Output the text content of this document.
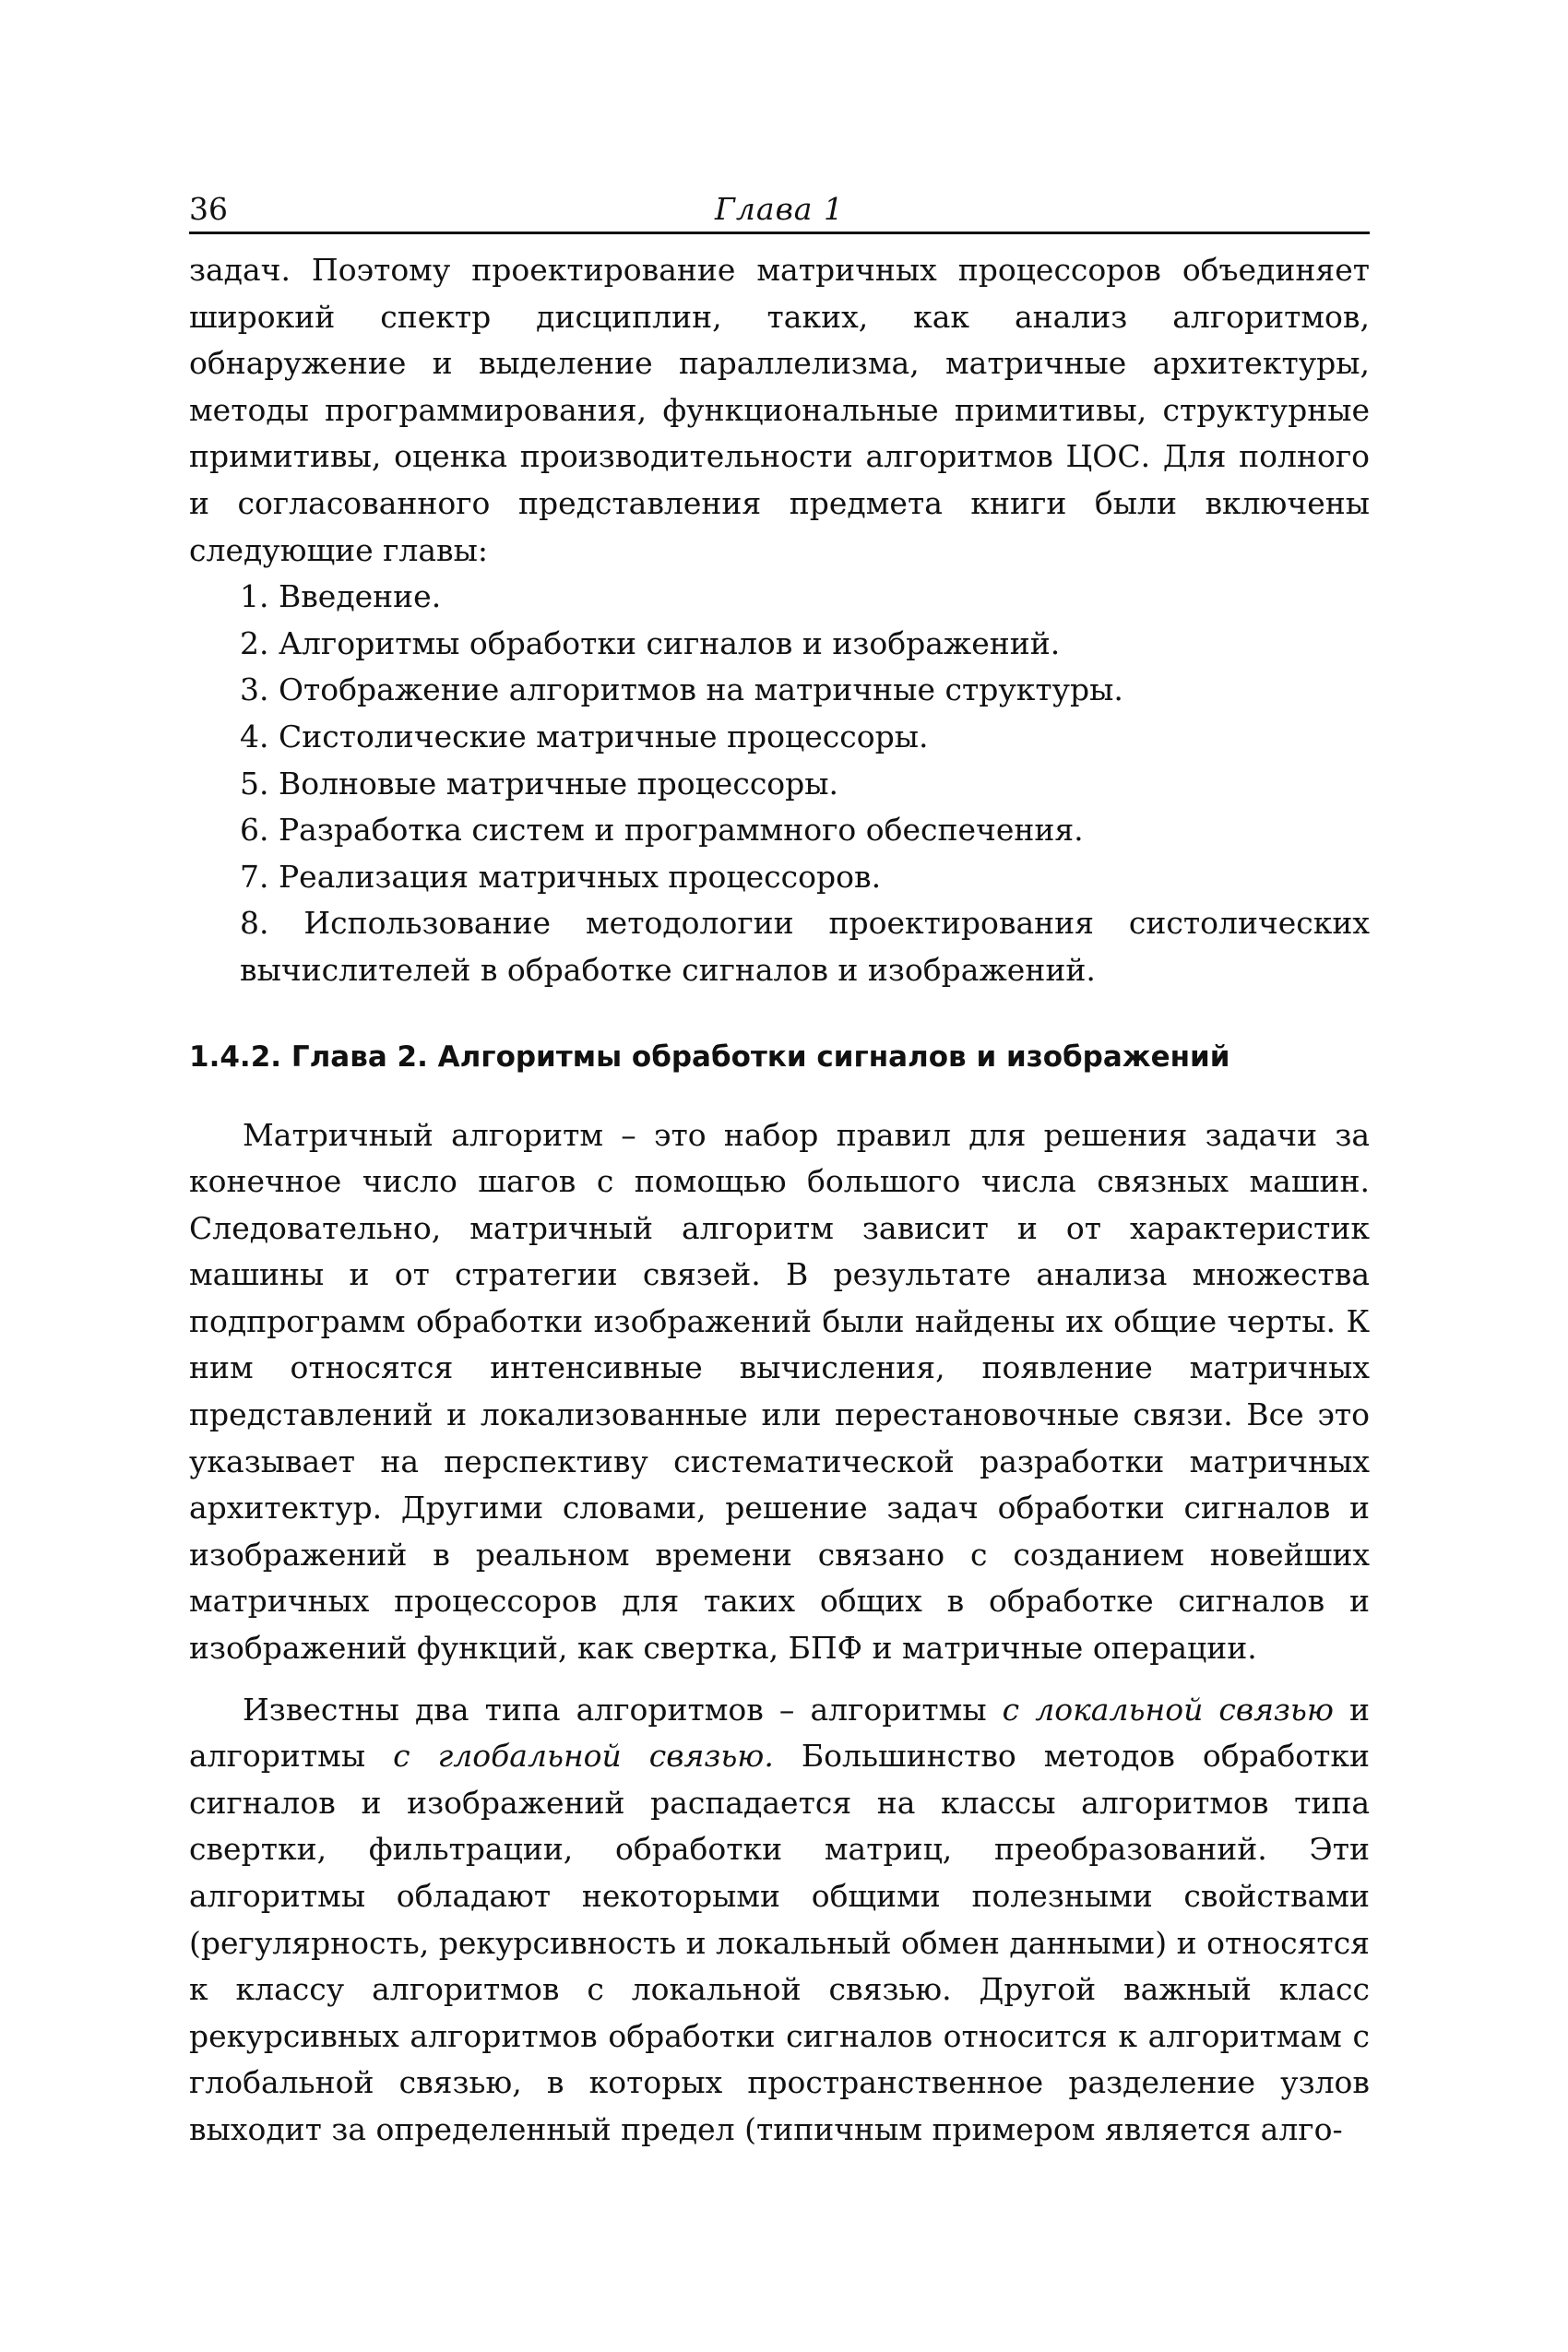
36	Глава 1

задач. Поэтому проектирование матричных процессоров объединяет широкий спектр дисциплин, таких, как анализ алгоритмов, обнаружение и выделение параллелизма, матричные архитектуры, методы программирования, функциональные примитивы, структурные примитивы, оценка производительности алгоритмов ЦОС. Для полного и согласованного представления предмета книги были включены следующие главы:

1. Введение.
2. Алгоритмы обработки сигналов и изображений.
3. Отображение алгоритмов на матричные структуры.
4. Систолические матричные процессоры.
5. Волновые матричные процессоры.
6. Разработка систем и программного обеспечения.
7. Реализация матричных процессоров.
8. Использование методологии проектирования систолических вычислителей в обработке сигналов и изображений.
1.4.2. Глава 2. Алгоритмы обработки сигналов и изображений

Матричный алгоритм – это набор правил для решения задачи за конечное число шагов с помощью большого числа связных машин. Следовательно, матричный алгоритм зависит и от характеристик машины и от стратегии связей. В результате анализа множества подпрограмм обработки изображений были найдены их общие черты. К ним относятся интенсивные вычисления, появление матричных представлений и локализованные или перестановочные связи. Все это указывает на перспективу систематической разработки матричных архитектур. Другими словами, решение задач обработки сигналов и изображений в реальном времени связано с созданием новейших матричных процессоров для таких общих в обработке сигналов и изображений функций, как свертка, БПФ и матричные операции.

Известны два типа алгоритмов – алгоритмы с локальной связью и алгоритмы с глобальной связью. Большинство методов обработки сигналов и изображений распадается на классы алгоритмов типа свертки, фильтрации, обработки матриц, преобразований. Эти алгоритмы обладают некоторыми общими полезными свойствами (регулярность, рекурсивность и локальный обмен данными) и относятся к классу алгоритмов с локальной связью. Другой важный класс рекурсивных алгоритмов обработки сигналов относится к алгоритмам с глобальной связью, в которых пространственное разделение узлов выходит за определенный предел (типичным примером является алго-
